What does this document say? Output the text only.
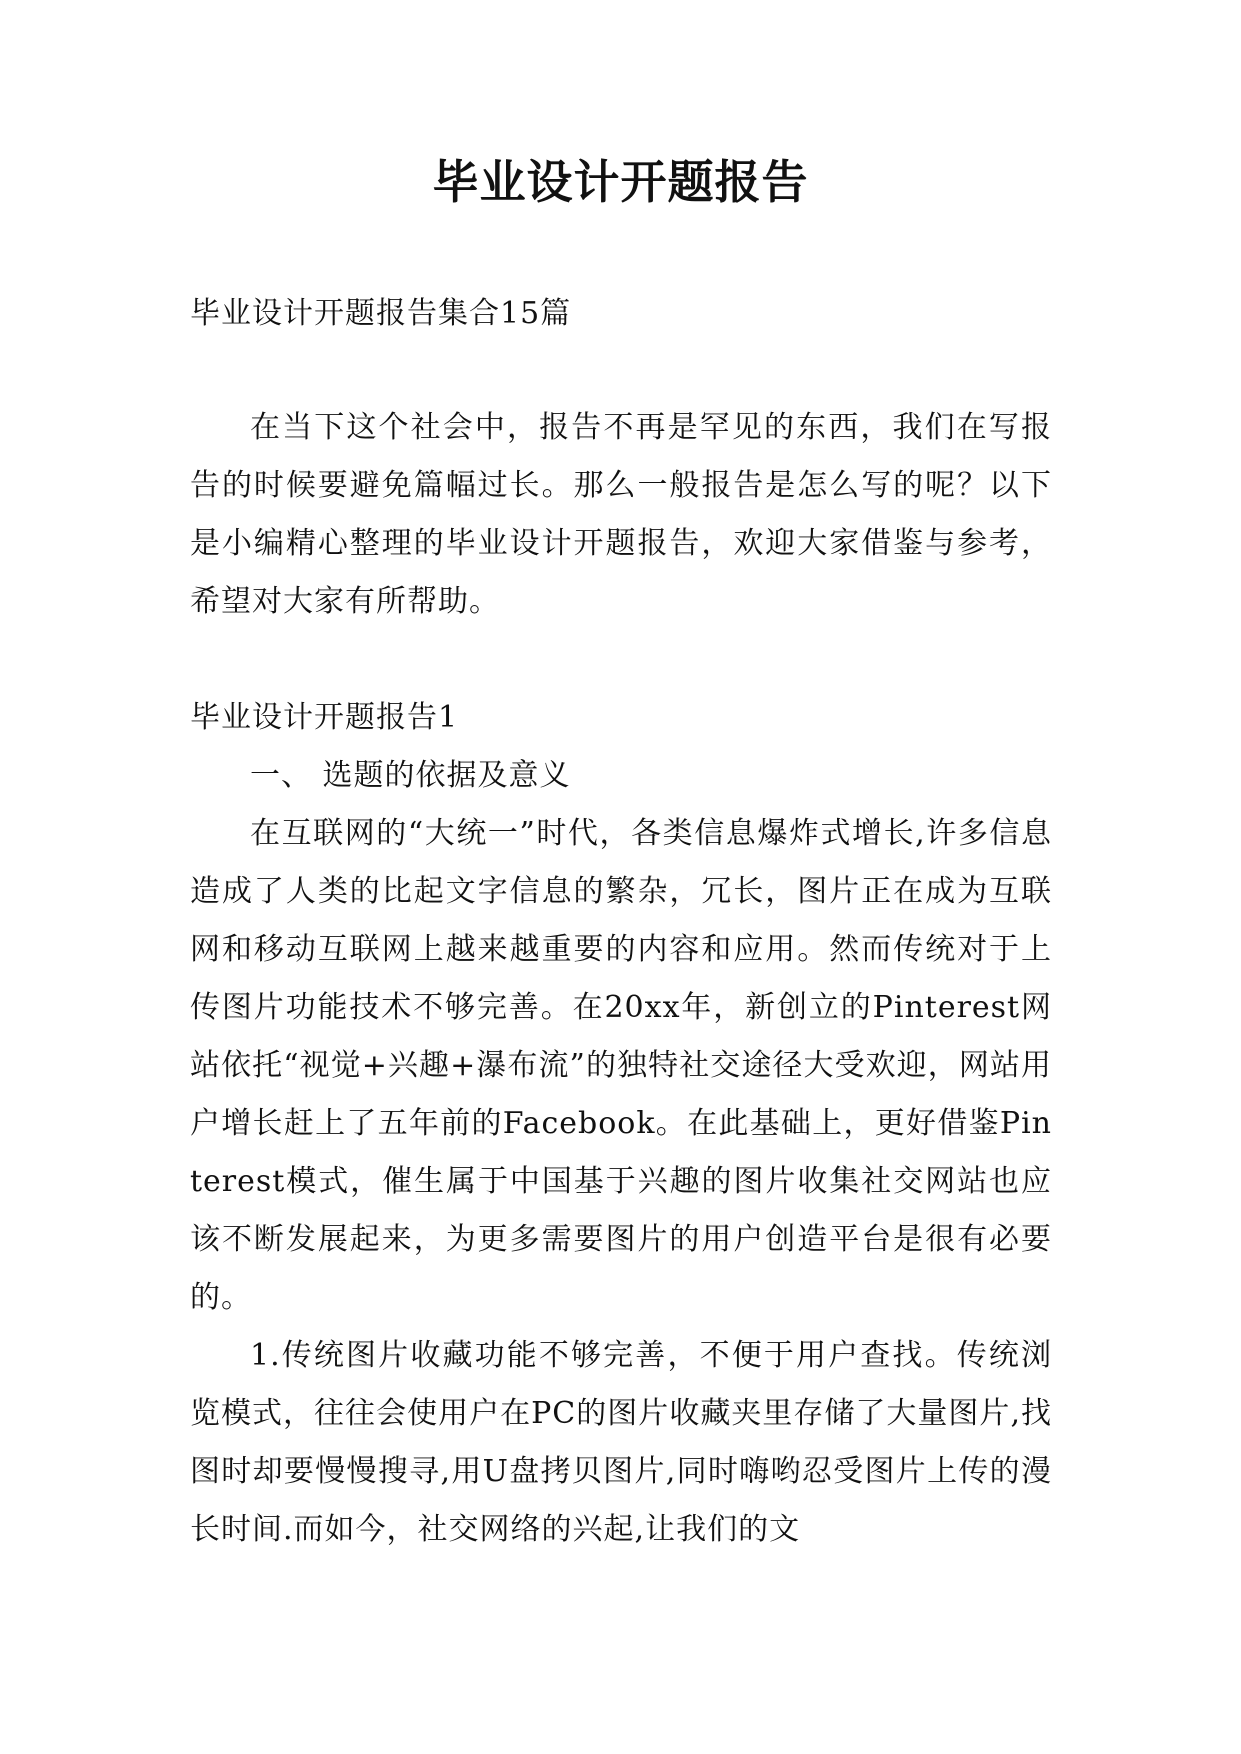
毕业设计开题报告

毕业设计开题报告集合15篇

在当下这个社会中，报告不再是罕见的东西，我们在写报告的时候要避免篇幅过长。那么一般报告是怎么写的呢？以下是小编精心整理的毕业设计开题报告，欢迎大家借鉴与参考，希望对大家有所帮助。

毕业设计开题报告1

一、 选题的依据及意义

在互联网的“大统一”时代，各类信息爆炸式增长,许多信息造成了人类的比起文字信息的繁杂，冗长，图片正在成为互联网和移动互联网上越来越重要的内容和应用。然而传统对于上传图片功能技术不够完善。在20xx年，新创立的Pinterest网站依托“视觉+兴趣+瀑布流”的独特社交途径大受欢迎，网站用户增长赶上了五年前的Facebook。在此基础上，更好借鉴Pinterest模式，催生属于中国基于兴趣的图片收集社交网站也应该不断发展起来，为更多需要图片的用户创造平台是很有必要的。

1.传统图片收藏功能不够完善，不便于用户查找。传统浏览模式，往往会使用户在PC的图片收藏夹里存储了大量图片,找图时却要慢慢搜寻,用U盘拷贝图片,同时嗨哟忍受图片上传的漫长时间.而如今，社交网络的兴起,让我们的文
